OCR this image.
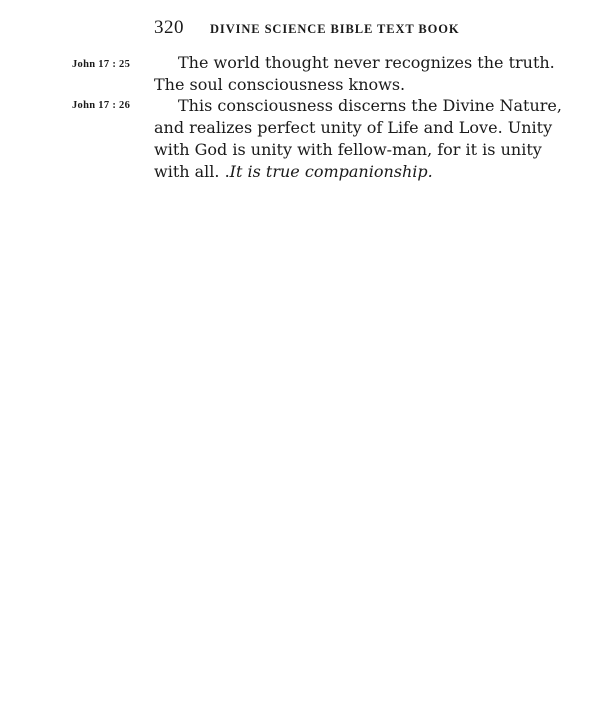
320 DIVINE SCIENCE BIBLE TEXT BOOK
John 17 : 25	The world thought never recognizes the truth.
The soul consciousness knows.
John 17 : 26	This consciousness discerns the Divine Nature,
and realizes perfect unity of Life and Love. Unity
with God is unity with fellow-man, for it is unity
with all. .It is true companionship.
